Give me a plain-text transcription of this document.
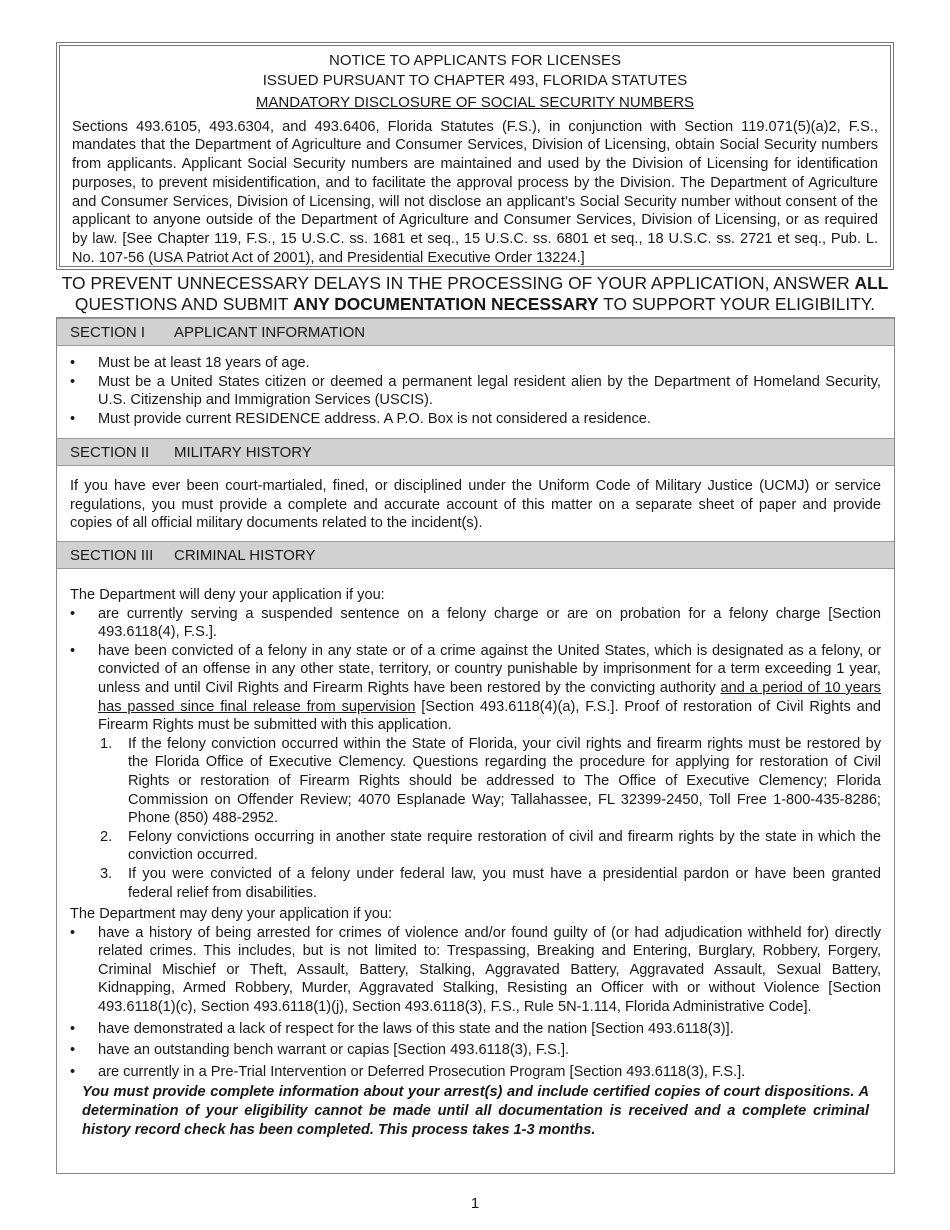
NOTICE TO APPLICANTS FOR LICENSES
ISSUED PURSUANT TO CHAPTER 493, FLORIDA STATUTES
MANDATORY DISCLOSURE OF SOCIAL SECURITY NUMBERS
Sections 493.6105, 493.6304, and 493.6406, Florida Statutes (F.S.), in conjunction with Section 119.071(5)(a)2, F.S., mandates that the Department of Agriculture and Consumer Services, Division of Licensing, obtain Social Security numbers from applicants. Applicant Social Security numbers are maintained and used by the Division of Licensing for identification purposes, to prevent misidentification, and to facilitate the approval process by the Division. The Department of Agriculture and Consumer Services, Division of Licensing, will not disclose an applicant’s Social Security number without consent of the applicant to anyone outside of the Department of Agriculture and Consumer Services, Division of Licensing, or as required by law. [See Chapter 119, F.S., 15 U.S.C. ss. 1681 et seq., 15 U.S.C. ss. 6801 et seq., 18 U.S.C. ss. 2721 et seq., Pub. L. No. 107-56 (USA Patriot Act of 2001), and Presidential Executive Order 13224.]
TO PREVENT UNNECESSARY DELAYS IN THE PROCESSING OF YOUR APPLICATION, ANSWER ALL
QUESTIONS AND SUBMIT ANY DOCUMENTATION NECESSARY TO SUPPORT YOUR ELIGIBILITY.
SECTION I APPLICANT INFORMATION
• Must be at least 18 years of age.
• Must be a United States citizen or deemed a permanent legal resident alien by the Department of Homeland Security, U.S. Citizenship and Immigration Services (USCIS).
• Must provide current RESIDENCE address. A P.O. Box is not considered a residence.
SECTION II MILITARY HISTORY
If you have ever been court-martialed, fined, or disciplined under the Uniform Code of Military Justice (UCMJ) or service regulations, you must provide a complete and accurate account of this matter on a separate sheet of paper and provide copies of all official military documents related to the incident(s).
SECTION III CRIMINAL HISTORY
The Department will deny your application if you:
• are currently serving a suspended sentence on a felony charge or are on probation for a felony charge [Section 493.6118(4), F.S.].
• have been convicted of a felony in any state or of a crime against the United States, which is designated as a felony, or convicted of an offense in any other state, territory, or country punishable by imprisonment for a term exceeding 1 year, unless and until Civil Rights and Firearm Rights have been restored by the convicting authority and a period of 10 years has passed since final release from supervision [Section 493.6118(4)(a), F.S.]. Proof of restoration of Civil Rights and Firearm Rights must be submitted with this application.
1. If the felony conviction occurred within the State of Florida, your civil rights and firearm rights must be restored by the Florida Office of Executive Clemency. Questions regarding the procedure for applying for restoration of Civil Rights or restoration of Firearm Rights should be addressed to The Office of Executive Clemency; Florida Commission on Offender Review; 4070 Esplanade Way; Tallahassee, FL 32399-2450, Toll Free 1-800-435-8286; Phone (850) 488-2952.
2. Felony convictions occurring in another state require restoration of civil and firearm rights by the state in which the conviction occurred.
3. If you were convicted of a felony under federal law, you must have a presidential pardon or have been granted federal relief from disabilities.
The Department may deny your application if you:
• have a history of being arrested for crimes of violence and/or found guilty of (or had adjudication withheld for) directly related crimes. This includes, but is not limited to: Trespassing, Breaking and Entering, Burglary, Robbery, Forgery, Criminal Mischief or Theft, Assault, Battery, Stalking, Aggravated Battery, Aggravated Assault, Sexual Battery, Kidnapping, Armed Robbery, Murder, Aggravated Stalking, Resisting an Officer with or without Violence [Section 493.6118(1)(c), Section 493.6118(1)(j), Section 493.6118(3), F.S., Rule 5N-1.114, Florida Administrative Code].
• have demonstrated a lack of respect for the laws of this state and the nation [Section 493.6118(3)].
• have an outstanding bench warrant or capias [Section 493.6118(3), F.S.].
• are currently in a Pre-Trial Intervention or Deferred Prosecution Program [Section 493.6118(3), F.S.].
You must provide complete information about your arrest(s) and include certified copies of court dispositions. A determination of your eligibility cannot be made until all documentation is received and a complete criminal history record check has been completed. This process takes 1-3 months.
1
